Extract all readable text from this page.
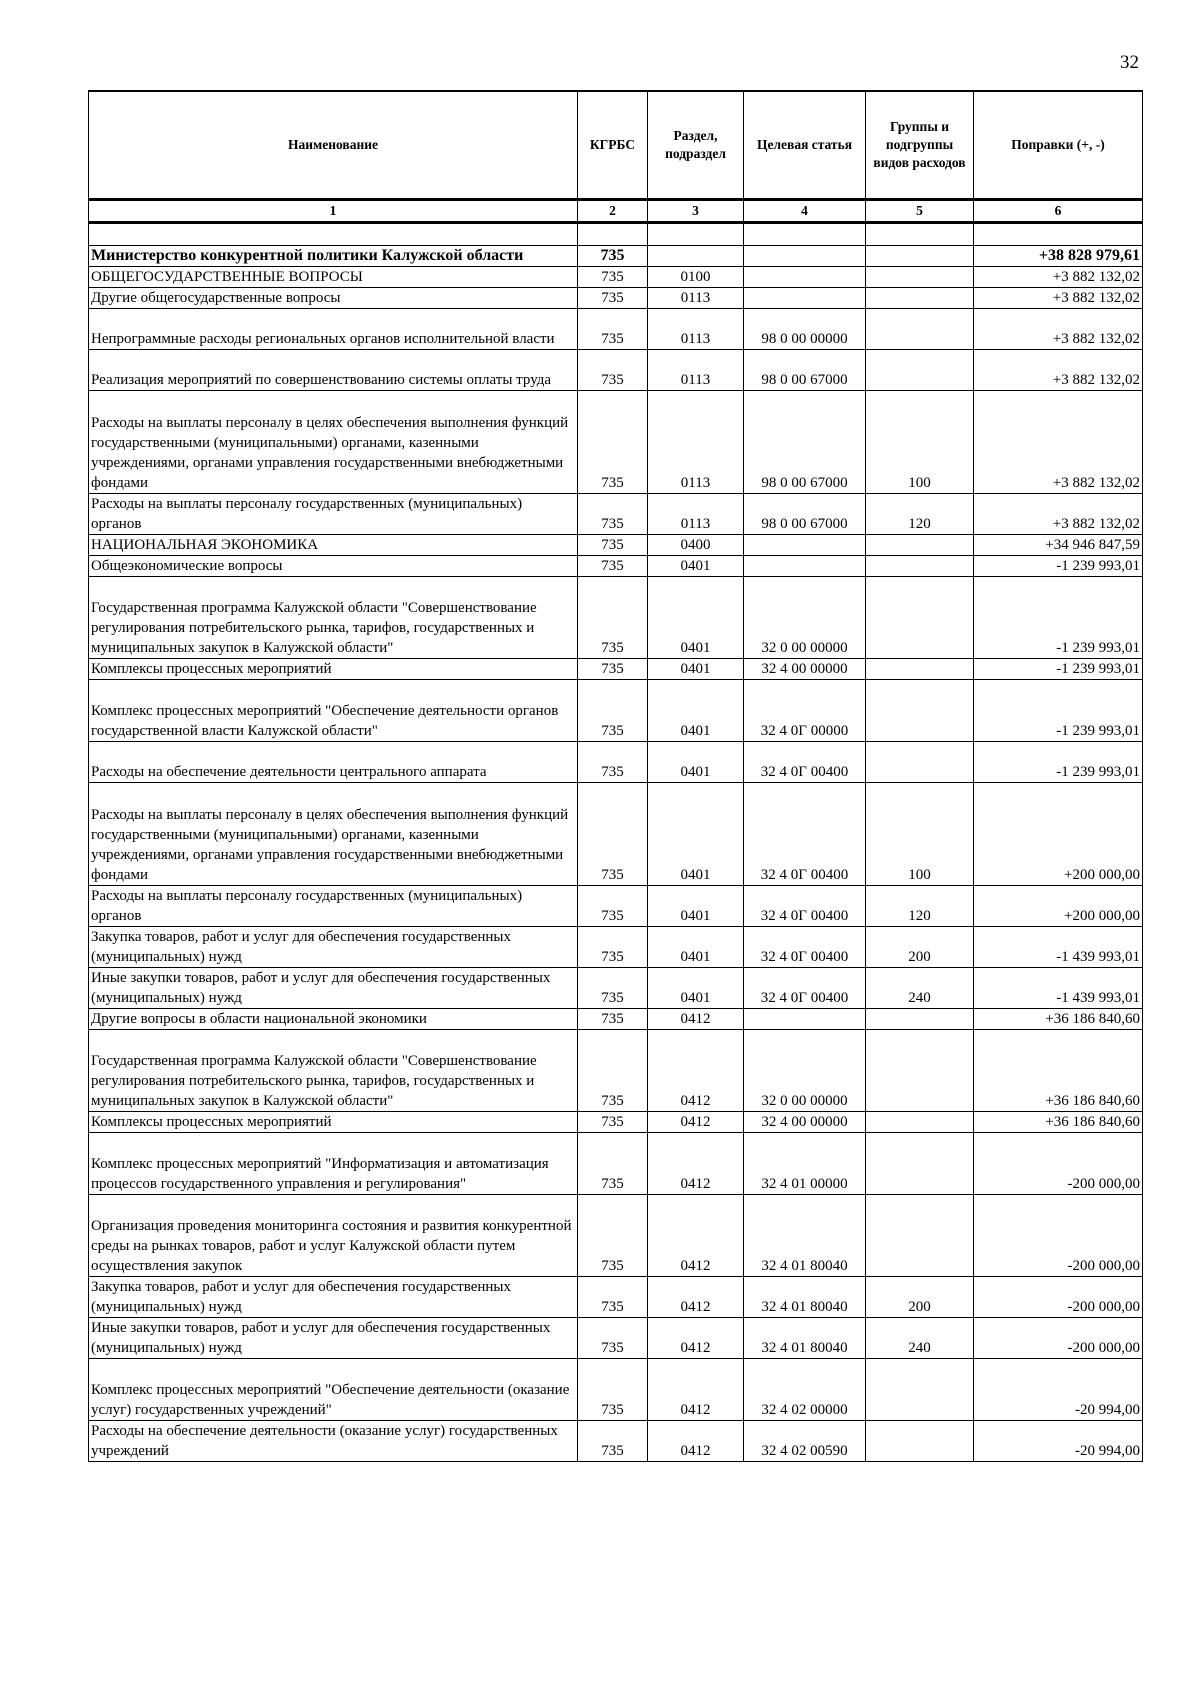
32
Наименование	КГРБС	Раздел, подраздел	Целевая статья	Группы и подгруппы видов расходов	Поправки (+, -)
1	2	3	4	5	6

Министерство конкурентной политики Калужской области	735				+38 828 979,61
ОБЩЕГОСУДАРСТВЕННЫЕ ВОПРОСЫ	735	0100			+3 882 132,02
Другие общегосударственные вопросы	735	0113			+3 882 132,02
Непрограммные расходы региональных органов исполнительной власти	735	0113	98 0 00 00000		+3 882 132,02
Реализация мероприятий по совершенствованию системы оплаты труда	735	0113	98 0 00 67000		+3 882 132,02
Расходы на выплаты персоналу в целях обеспечения выполнения функций государственными (муниципальными) органами, казенными учреждениями, органами управления государственными внебюджетными фондами	735	0113	98 0 00 67000	100	+3 882 132,02
Расходы на выплаты персоналу государственных (муниципальных) органов	735	0113	98 0 00 67000	120	+3 882 132,02
НАЦИОНАЛЬНАЯ ЭКОНОМИКА	735	0400			+34 946 847,59
Общеэкономические вопросы	735	0401			-1 239 993,01
Государственная программа Калужской области "Совершенствование регулирования потребительского рынка, тарифов, государственных и муниципальных закупок в Калужской области"	735	0401	32 0 00 00000		-1 239 993,01
Комплексы процессных мероприятий	735	0401	32 4 00 00000		-1 239 993,01
Комплекс процессных мероприятий "Обеспечение деятельности органов государственной власти Калужской области"	735	0401	32 4 0Г 00000		-1 239 993,01
Расходы на обеспечение деятельности центрального аппарата	735	0401	32 4 0Г 00400		-1 239 993,01
Расходы на выплаты персоналу в целях обеспечения выполнения функций государственными (муниципальными) органами, казенными учреждениями, органами управления государственными внебюджетными фондами	735	0401	32 4 0Г 00400	100	+200 000,00
Расходы на выплаты персоналу государственных (муниципальных) органов	735	0401	32 4 0Г 00400	120	+200 000,00
Закупка товаров, работ и услуг для обеспечения государственных (муниципальных) нужд	735	0401	32 4 0Г 00400	200	-1 439 993,01
Иные закупки товаров, работ и услуг для обеспечения государственных (муниципальных) нужд	735	0401	32 4 0Г 00400	240	-1 439 993,01
Другие вопросы в области национальной экономики	735	0412			+36 186 840,60
Государственная программа Калужской области "Совершенствование регулирования потребительского рынка, тарифов, государственных и муниципальных закупок в Калужской области"	735	0412	32 0 00 00000		+36 186 840,60
Комплексы процессных мероприятий	735	0412	32 4 00 00000		+36 186 840,60
Комплекс процессных мероприятий "Информатизация и автоматизация процессов государственного управления и регулирования"	735	0412	32 4 01 00000		-200 000,00
Организация проведения мониторинга состояния и развития конкурентной среды на рынках товаров, работ и услуг Калужской области путем осуществления закупок	735	0412	32 4 01 80040		-200 000,00
Закупка товаров, работ и услуг для обеспечения государственных (муниципальных) нужд	735	0412	32 4 01 80040	200	-200 000,00
Иные закупки товаров, работ и услуг для обеспечения государственных (муниципальных) нужд	735	0412	32 4 01 80040	240	-200 000,00
Комплекс процессных мероприятий "Обеспечение деятельности (оказание услуг) государственных учреждений"	735	0412	32 4 02 00000		-20 994,00
Расходы на обеспечение деятельности (оказание услуг) государственных учреждений	735	0412	32 4 02 00590		-20 994,00
